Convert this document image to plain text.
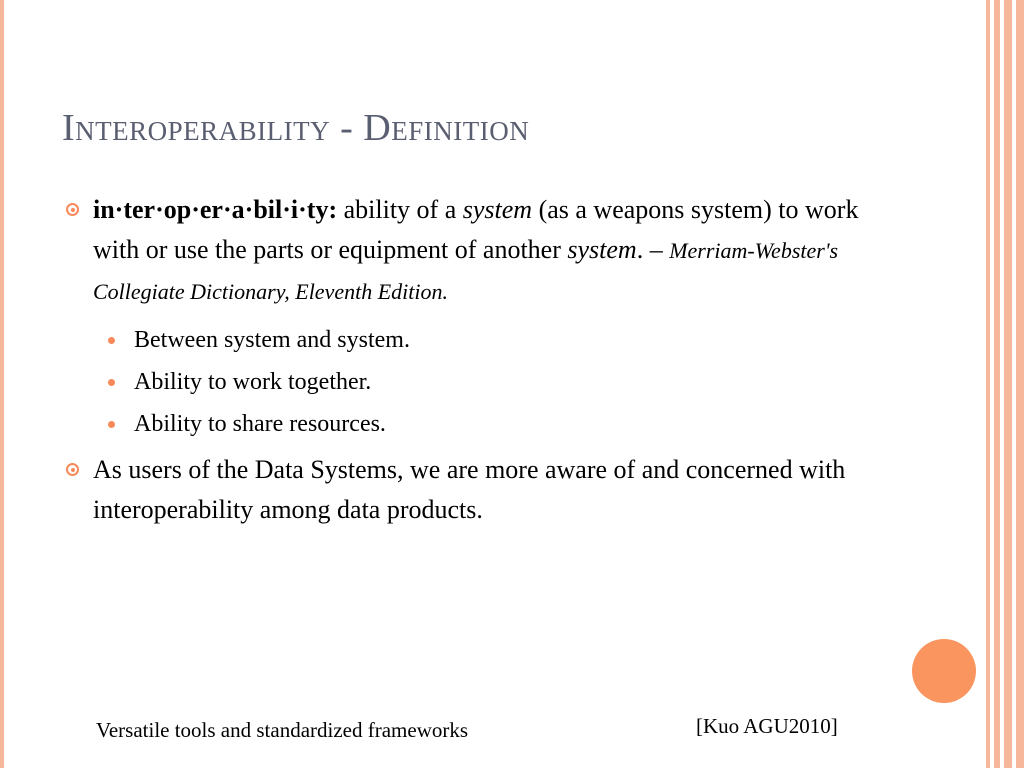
Interoperability - Definition
in·ter·op·er·a·bil·i·ty: ability of a system (as a weapons system) to work with or use the parts or equipment of another system. – Merriam-Webster's Collegiate Dictionary, Eleventh Edition.
Between system and system.
Ability to work together.
Ability to share resources.
As users of the Data Systems, we are more aware of and concerned with interoperability among data products.
Versatile tools and standardized frameworks	[Kuo AGU2010]
